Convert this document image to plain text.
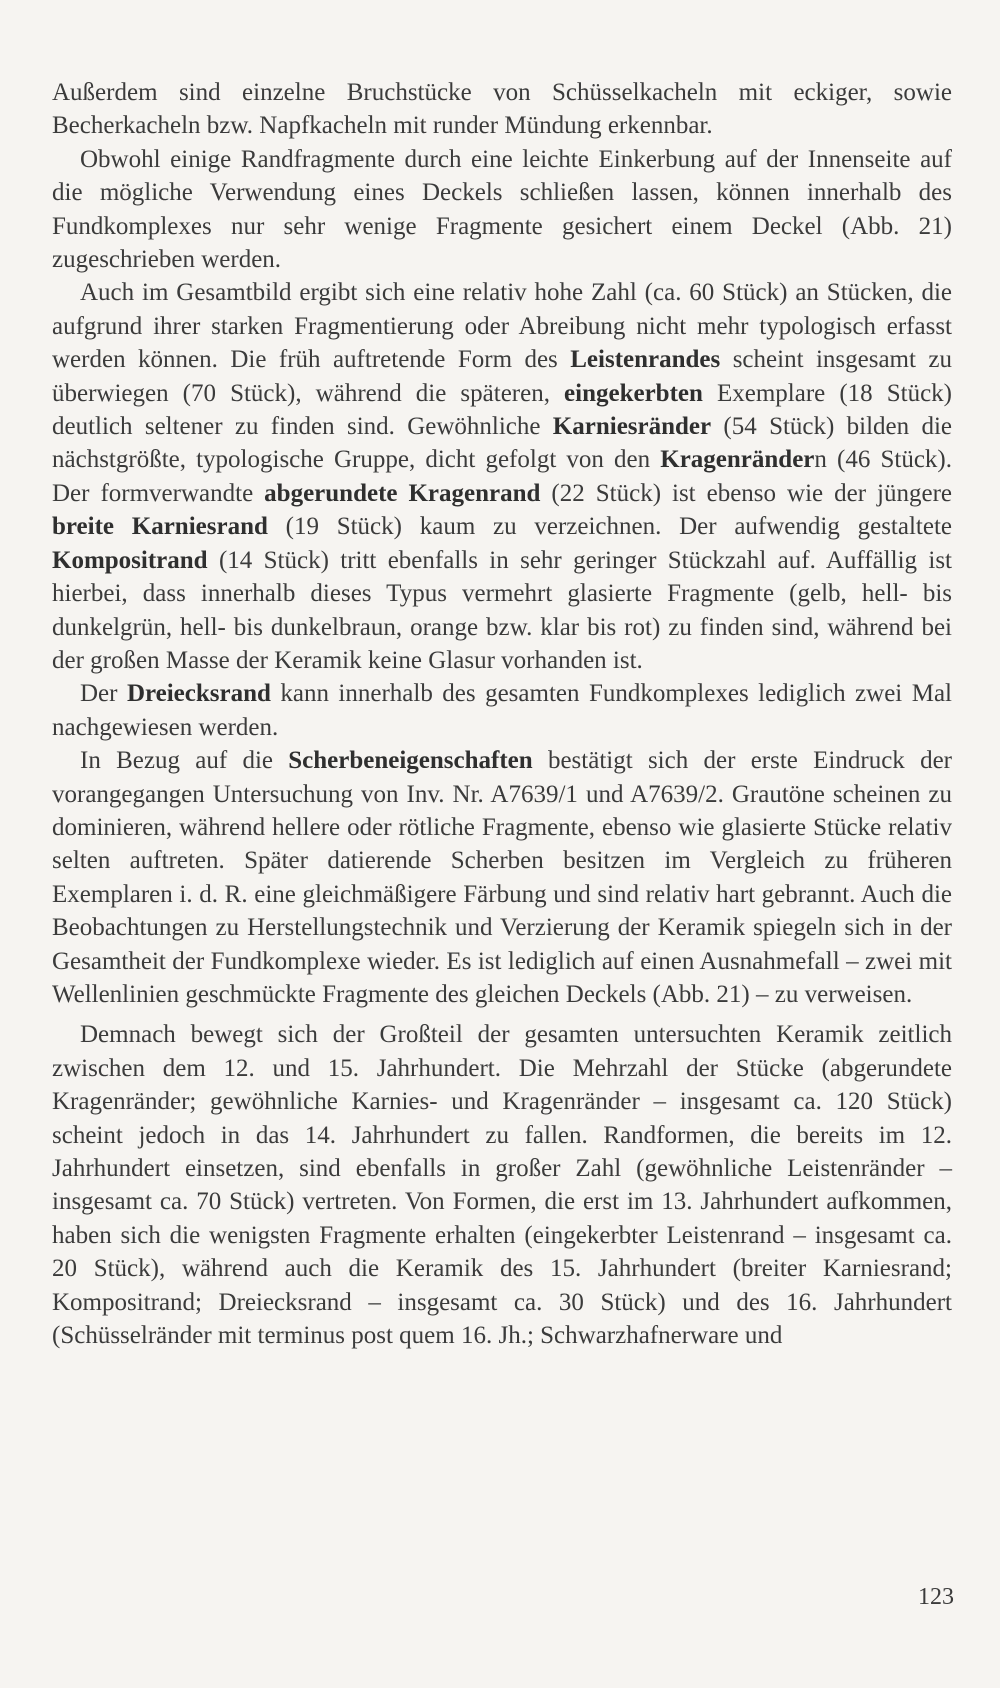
Außerdem sind einzelne Bruchstücke von Schüsselkacheln mit eckiger, sowie Becherkacheln bzw. Napfkacheln mit runder Mündung erkennbar.

Obwohl einige Randfragmente durch eine leichte Einkerbung auf der Innenseite auf die mögliche Verwendung eines Deckels schließen lassen, können innerhalb des Fundkomplexes nur sehr wenige Fragmente gesichert einem Deckel (Abb. 21) zugeschrieben werden.

Auch im Gesamtbild ergibt sich eine relativ hohe Zahl (ca. 60 Stück) an Stücken, die aufgrund ihrer starken Fragmentierung oder Abreibung nicht mehr typologisch erfasst werden können. Die früh auftretende Form des Leistenrandes scheint insgesamt zu überwiegen (70 Stück), während die späteren, eingekerbten Exemplare (18 Stück) deutlich seltener zu finden sind. Gewöhnliche Karniesränder (54 Stück) bilden die nächstgrößte, typologische Gruppe, dicht gefolgt von den Kragenrändern (46 Stück). Der formverwandte abgerundete Kragenrand (22 Stück) ist ebenso wie der jüngere breite Karniesrand (19 Stück) kaum zu verzeichnen. Der aufwendig gestaltete Kompositrand (14 Stück) tritt ebenfalls in sehr geringer Stückzahl auf. Auffällig ist hierbei, dass innerhalb dieses Typus vermehrt glasierte Fragmente (gelb, hell- bis dunkelgrün, hell- bis dunkelbraun, orange bzw. klar bis rot) zu finden sind, während bei der großen Masse der Keramik keine Glasur vorhanden ist.

Der Dreiecksrand kann innerhalb des gesamten Fundkomplexes lediglich zwei Mal nachgewiesen werden.

In Bezug auf die Scherbeneigenschaften bestätigt sich der erste Eindruck der vorangegangen Untersuchung von Inv. Nr. A7639/1 und A7639/2. Grautöne scheinen zu dominieren, während hellere oder rötliche Fragmente, ebenso wie glasierte Stücke relativ selten auftreten. Später datierende Scherben besitzen im Vergleich zu früheren Exemplaren i. d. R. eine gleichmäßigere Färbung und sind relativ hart gebrannt. Auch die Beobachtungen zu Herstellungstechnik und Verzierung der Keramik spiegeln sich in der Gesamtheit der Fundkomplexe wieder. Es ist lediglich auf einen Ausnahmefall – zwei mit Wellenlinien geschmückte Fragmente des gleichen Deckels (Abb. 21) – zu verweisen.

Demnach bewegt sich der Großteil der gesamten untersuchten Keramik zeitlich zwischen dem 12. und 15. Jahrhundert. Die Mehrzahl der Stücke (abgerundete Kragenränder; gewöhnliche Karnies- und Kragenränder – insgesamt ca. 120 Stück) scheint jedoch in das 14. Jahrhundert zu fallen. Randformen, die bereits im 12. Jahrhundert einsetzen, sind ebenfalls in großer Zahl (gewöhnliche Leistenränder – insgesamt ca. 70 Stück) vertreten. Von Formen, die erst im 13. Jahrhundert aufkommen, haben sich die wenigsten Fragmente erhalten (eingekerbter Leistenrand – insgesamt ca. 20 Stück), während auch die Keramik des 15. Jahrhundert (breiter Karniesrand; Kompositrand; Dreiecksrand – insgesamt ca. 30 Stück) und des 16. Jahrhundert (Schüsselränder mit terminus post quem 16. Jh.; Schwarzhafnerware und

123
